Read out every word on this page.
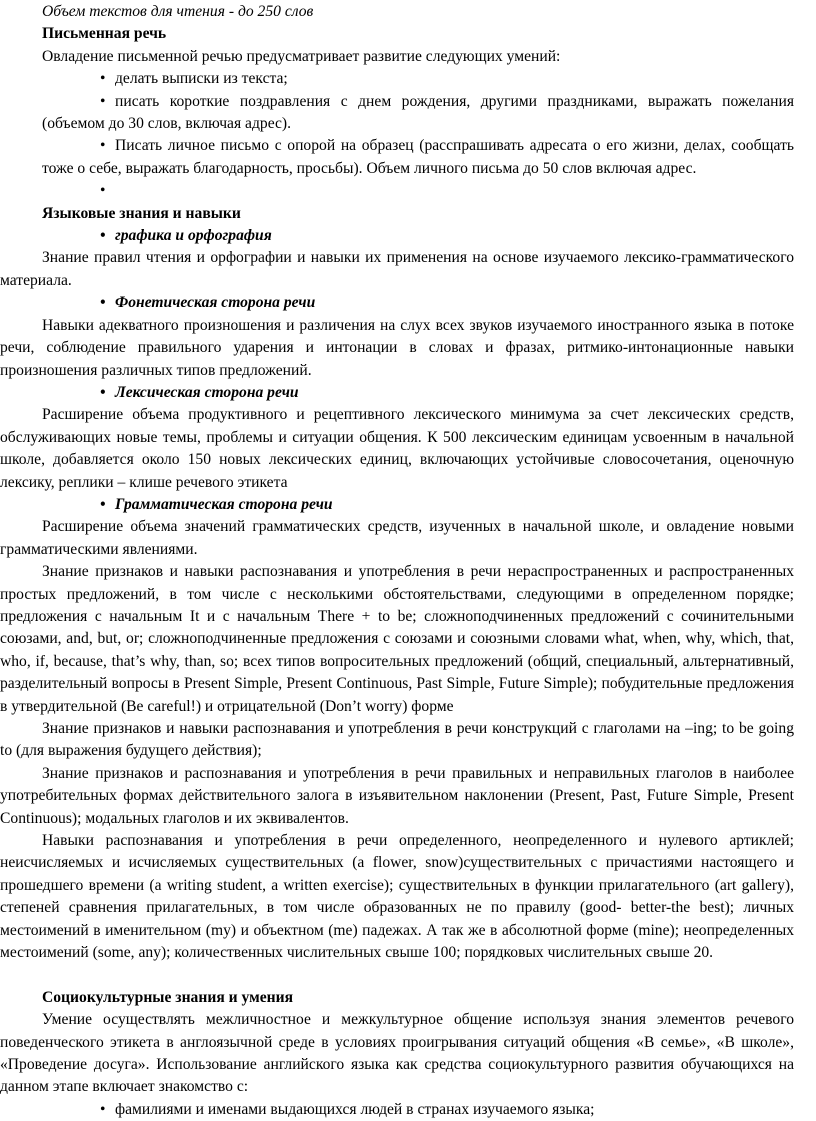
Объем текстов для чтения - до 250 слов

Письменная речь

Овладение письменной речью предусматривает развитие следующих умений:

• делать выписки из текста;

• писать короткие поздравления с днем рождения, другими праздниками, выражать пожелания (объемом до 30 слов, включая адрес).

• Писать личное письмо с опорой на образец (расспрашивать адресата о его жизни, делах, сообщать тоже о себе, выражать благодарность, просьбы). Объем личного письма до 50 слов включая адрес.

•

Языковые знания и навыки

• графика и орфография

Знание правил чтения и орфографии и навыки их применения на основе изучаемого лексико-грамматического материала.

• Фонетическая сторона речи

Навыки адекватного произношения и различения на слух всех звуков изучаемого иностранного языка в потоке речи, соблюдение правильного ударения и интонации в словах и фразах, ритмико-интонационные навыки произношения различных типов предложений.

• Лексическая сторона речи

Расширение объема продуктивного и рецептивного лексического минимума за счет лексических средств, обслуживающих новые темы, проблемы и ситуации общения. К 500 лексическим единицам усвоенным в начальной школе, добавляется около 150 новых лексических единиц, включающих устойчивые словосочетания, оценочную лексику, реплики – клише речевого этикета

• Грамматическая сторона речи

Расширение объема значений грамматических средств, изученных в начальной школе, и овладение новыми грамматическими явлениями.

Знание признаков и навыки распознавания и употребления в речи нераспространенных и распространенных простых предложений, в том числе с несколькими обстоятельствами, следующими в определенном порядке; предложения с начальным It и с начальным There + to be; сложноподчиненных предложений с сочинительными союзами, and, but, or; сложноподчиненные предложения с союзами и союзными словами what, when, why, which, that, who, if, because, that’s why, than, so; всех типов вопросительных предложений (общий, специальный, альтернативный, разделительный вопросы в Present Simple, Present Continuous, Past Simple, Future Simple); побудительные предложения в утвердительной (Be careful!) и отрицательной (Don’t worry) форме

Знание признаков и навыки распознавания и употребления в речи конструкций с глаголами на –ing; to be going to (для выражения будущего действия);

Знание признаков и распознавания и употребления в речи правильных и неправильных глаголов в наиболее употребительных формах действительного залога в изъявительном наклонении (Present, Past, Future Simple, Present Continuous); модальных глаголов и их эквивалентов.

Навыки распознавания и употребления в речи определенного, неопределенного и нулевого артиклей; неисчисляемых и исчисляемых существительных (a flower, snow)существительных с причастиями настоящего и прошедшего времени (a writing student, a written exercise); существительных в функции прилагательного (art gallery), степеней сравнения прилагательных, в том числе образованных не по правилу (good- better-the best); личных местоимений в именительном (my) и объектном (me) падежах. А так же в абсолютной форме (mine); неопределенных местоимений (some, any); количественных числительных свыше 100; порядковых числительных свыше 20.

Социокультурные знания и умения

Умение осуществлять межличностное и межкультурное общение используя знания элементов речевого поведенческого этикета в англоязычной среде в условиях проигрывания ситуаций общения «В семье», «В школе», «Проведение досуга». Использование английского языка как средства социокультурного развития обучающихся на данном этапе включает знакомство с:

• фамилиями и именами выдающихся людей в странах изучаемого языка;
